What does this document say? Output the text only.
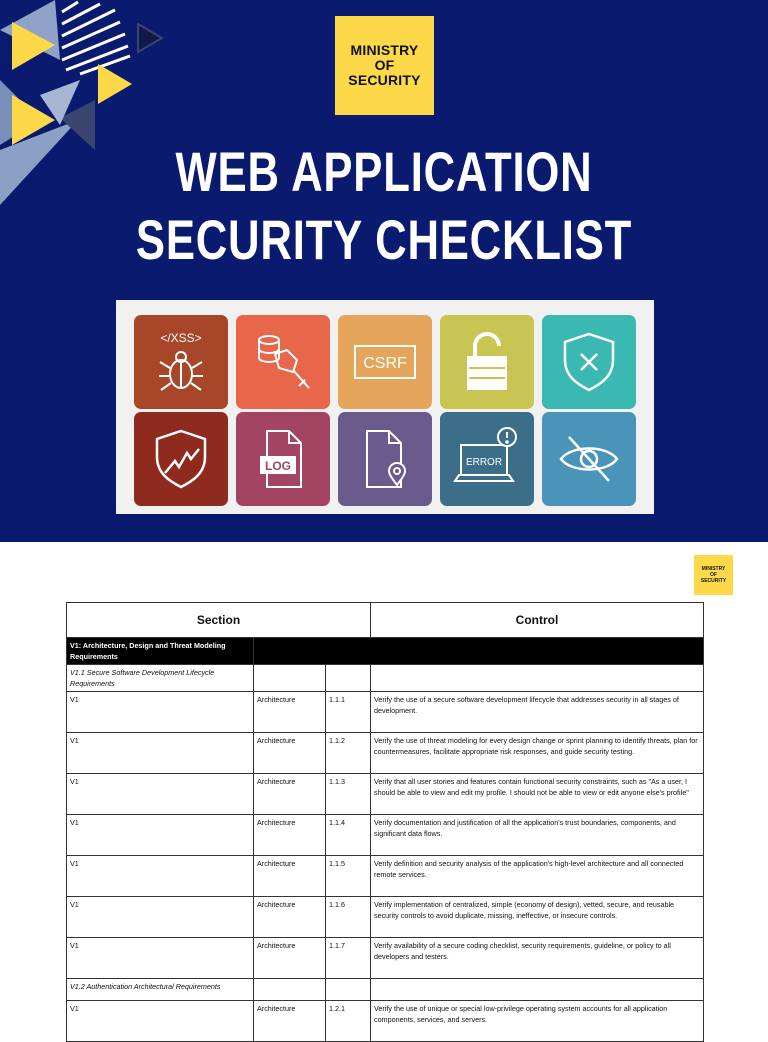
MINISTRY
OF
SECURITY
WEB APPLICATION
SECURITY CHECKLIST
</XSS>
CSRF
LOG	ERROR
MINISTRY
OF
SECURITY
Section			Control
V1: Architecture, Design and Threat Modeling Requirements			
V1.1 Secure Software Development Lifecycle Requirements			
V1	Architecture	1.1.1	Verify the use of a secure software development lifecycle that addresses security in all stages of development.
V1	Architecture	1.1.2	Verify the use of threat modeling for every design change or sprint planning to identify threats, plan for countermeasures, facilitate appropriate risk responses, and guide security testing.
V1	Architecture	1.1.3	Verify that all user stories and features contain functional security constraints, such as "As a user, I should be able to view and edit my profile. I should not be able to view or edit anyone else's profile"
V1	Architecture	1.1.4	Verify documentation and justification of all the application's trust boundaries, components, and significant data flows.
V1	Architecture	1.1.5	Verify definition and security analysis of the application's high-level architecture and all connected remote services.
V1	Architecture	1.1.6	Verify implementation of centralized, simple (economy of design), vetted, secure, and reusable security controls to avoid duplicate, missing, ineffective, or insecure controls.
V1	Architecture	1.1.7	Verify availability of a secure coding checklist, security requirements, guideline, or policy to all developers and testers.
V1.2 Authentication Architectural Requirements			
V1	Architecture	1.2.1	Verify the use of unique or special low-privilege operating system accounts for all application components, services, and servers.
